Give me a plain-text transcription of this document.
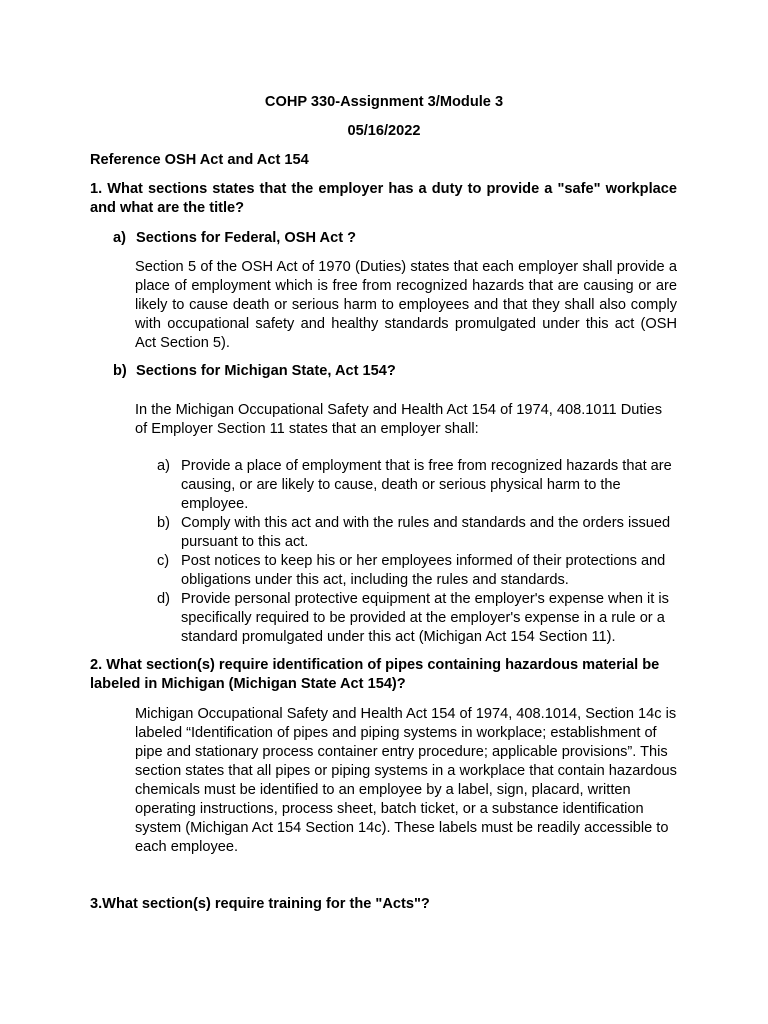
COHP 330-Assignment 3/Module 3
05/16/2022
Reference OSH Act and Act 154
1. What sections states that the employer has a duty to provide a "safe" workplace and what are the title?
a) Sections for Federal, OSH Act ?
Section 5 of the OSH Act of 1970 (Duties) states that each employer shall provide a place of employment which is free from recognized hazards that are causing or are likely to cause death or serious harm to employees and that they shall also comply with occupational safety and healthy standards promulgated under this act (OSH Act Section 5).
b) Sections for Michigan State, Act 154?
In the Michigan Occupational Safety and Health Act 154 of 1974, 408.1011 Duties of Employer Section 11 states that an employer shall:
a) Provide a place of employment that is free from recognized hazards that are causing, or are likely to cause, death or serious physical harm to the employee.
b) Comply with this act and with the rules and standards and the orders issued pursuant to this act.
c) Post notices to keep his or her employees informed of their protections and obligations under this act, including the rules and standards.
d) Provide personal protective equipment at the employer's expense when it is specifically required to be provided at the employer's expense in a rule or a standard promulgated under this act (Michigan Act 154 Section 11).
2. What section(s) require identification of pipes containing hazardous material be labeled in Michigan (Michigan State Act 154)?
Michigan Occupational Safety and Health Act 154 of 1974, 408.1014, Section 14c is labeled “Identification of pipes and piping systems in workplace; establishment of pipe and stationary process container entry procedure; applicable provisions”. This section states that all pipes or piping systems in a workplace that contain hazardous chemicals must be identified to an employee by a label, sign, placard, written operating instructions, process sheet, batch ticket, or a substance identification system (Michigan Act 154 Section 14c). These labels must be readily accessible to each employee.
3.What section(s) require training for the "Acts"?
